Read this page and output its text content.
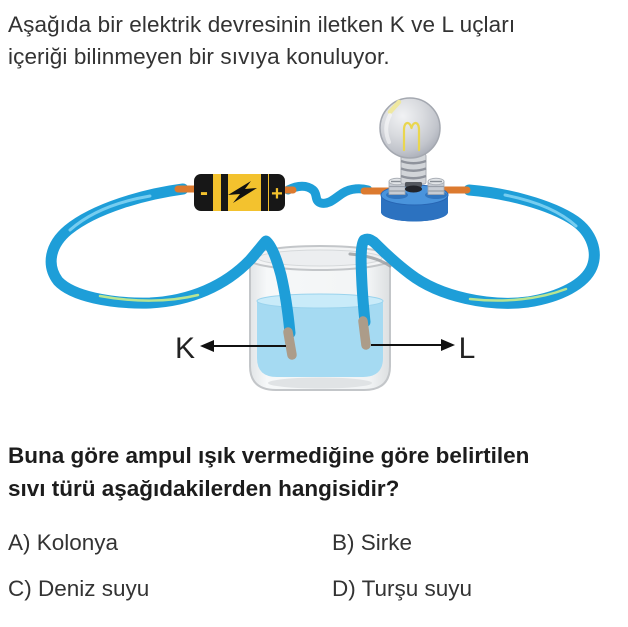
Aşağıda bir elektrik devresinin iletken K ve L uçları
içeriği bilinmeyen bir sıvıya konuluyor.
-	+
K	L
Buna göre ampul ışık vermediğine göre belirtilen
sıvı türü aşağıdakilerden hangisidir?
A) Kolonya	B) Sirke
C) Deniz suyu	D) Turşu suyu
